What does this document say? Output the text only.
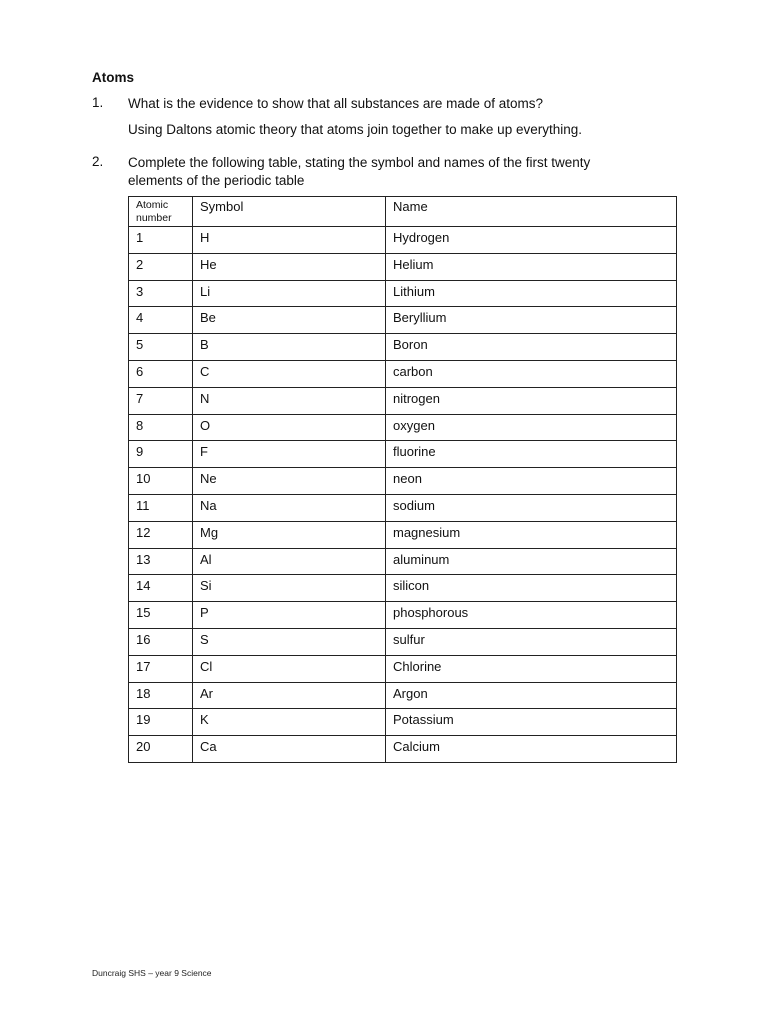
Atoms
1. What is the evidence to show that all substances are made of atoms?
Using Daltons atomic theory that atoms join together to make up everything.
2. Complete the following table, stating the symbol and names of the first twenty elements of the periodic table
Atomic number	Symbol	Name
1	H	Hydrogen
2	He	Helium
3	Li	Lithium
4	Be	Beryllium
5	B	Boron
6	C	carbon
7	N	nitrogen
8	O	oxygen
9	F	fluorine
10	Ne	neon
11	Na	sodium
12	Mg	magnesium
13	Al	aluminum
14	Si	silicon
15	P	phosphorous
16	S	sulfur
17	Cl	Chlorine
18	Ar	Argon
19	K	Potassium
20	Ca	Calcium
Duncraig SHS – year 9 Science
